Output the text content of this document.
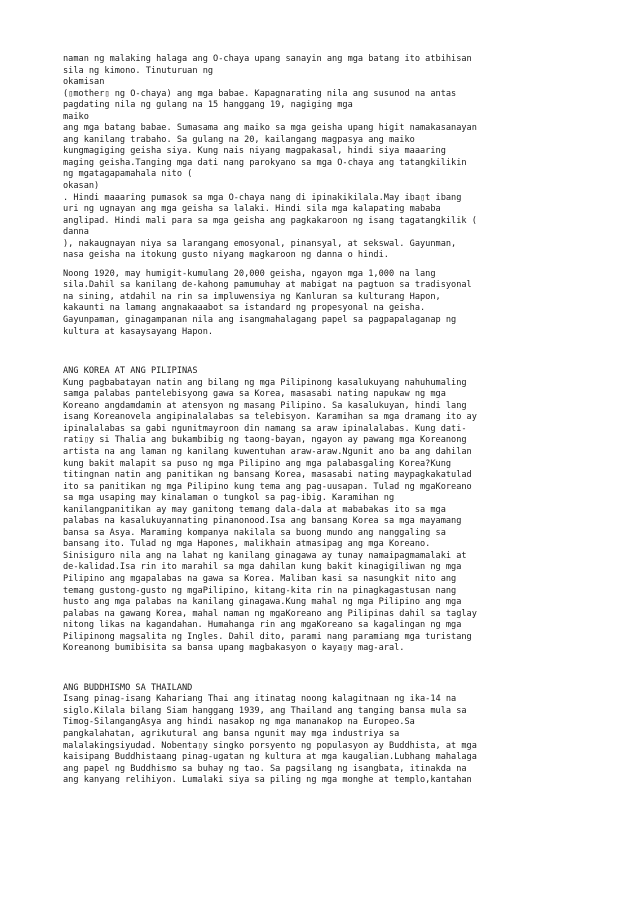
naman ng malaking halaga ang O-chaya upang sanayin ang mga batang ito atbihisan
sila ng kimono. Tinuturuan ng
okamisan
(▯mother▯ ng O-chaya) ang mga babae. Kapagnarating nila ang susunod na antas
pagdating nila ng gulang na 15 hanggang 19, nagiging mga
maiko
ang mga batang babae. Sumasama ang maiko sa mga geisha upang higit namakasanayan
ang kanilang trabaho. Sa gulang na 20, kailangang magpasya ang maiko
kungmagiging geisha siya. Kung nais niyang magpakasal, hindi siya maaaring
maging geisha.Tanging mga dati nang parokyano sa mga O-chaya ang tatangkilikin
ng mgatagapamahala nito (
okasan)
. Hindi maaaring pumasok sa mga O-chaya nang di ipinakikilala.May iba▯t ibang
uri ng ugnayan ang mga geisha sa lalaki. Hindi sila mga kalapating mababa
anglipad. Hindi mali para sa mga geisha ang pagkakaroon ng isang tagatangkilik (
danna
), nakaugnayan niya sa larangang emosyonal, pinansyal, at sekswal. Gayunman,
nasa geisha na itokung gusto niyang magkaroon ng danna o hindi.
Noong 1920, may humigit-kumulang 20,000 geisha, ngayon mga 1,000 na lang
sila.Dahil sa kanilang de-kahong pamumuhay at mabigat na pagtuon sa tradisyonal
na sining, atdahil na rin sa impluwensiya ng Kanluran sa kulturang Hapon,
kakaunti na lamang angnakaaabot sa istandard ng propesyonal na geisha.
Gayunpaman, ginagampanan nila ang isangmahalagang papel sa pagpapalaganap ng
kultura at kasaysayang Hapon.
ANG KOREA AT ANG PILIPINAS
Kung pagbabatayan natin ang bilang ng mga Pilipinong kasalukuyang nahuhumaling
samga palabas pantelebisyong gawa sa Korea, masasabi nating napukaw ng mga
Koreano angdamdamin at atensyon ng masang Pilipino. Sa kasalukuyan, hindi lang
isang Koreanovela angipinalalabas sa telebisyon. Karamihan sa mga dramang ito ay
ipinalalabas sa gabi ngunitmayroon din namang sa araw ipinalalabas. Kung dati-
rati▯y si Thalia ang bukambibig ng taong-bayan, ngayon ay pawang mga Koreanong
artista na ang laman ng kanilang kuwentuhan araw-araw.Ngunit ano ba ang dahilan
kung bakit malapit sa puso ng mga Pilipino ang mga palabasgaling Korea?Kung
titingnan natin ang panitikan ng bansang Korea, masasabi nating maypagkakatulad
ito sa panitikan ng mga Pilipino kung tema ang pag-uusapan. Tulad ng mgaKoreano
sa mga usaping may kinalaman o tungkol sa pag-ibig. Karamihan ng
kanilangpanitikan ay may ganitong temang dala-dala at mababakas ito sa mga
palabas na kasalukuyannating pinanonood.Isa ang bansang Korea sa mga mayamang
bansa sa Asya. Maraming kompanya nakilala sa buong mundo ang nanggaling sa
bansang ito. Tulad ng mga Hapones, malikhain atmasipag ang mga Koreano.
Sinisiguro nila ang na lahat ng kanilang ginagawa ay tunay namaipagmamalaki at
de-kalidad.Isa rin ito marahil sa mga dahilan kung bakit kinagigiliwan ng mga
Pilipino ang mgapalabas na gawa sa Korea. Maliban kasi sa nasungkit nito ang
temang gustong-gusto ng mgaPilipino, kitang-kita rin na pinagkagastusan nang
husto ang mga palabas na kanilang ginagawa.Kung mahal ng mga Pilipino ang mga
palabas na gawang Korea, mahal naman ng mgaKoreano ang Pilipinas dahil sa taglay
nitong likas na kagandahan. Humahanga rin ang mgaKoreano sa kagalingan ng mga
Pilipinong magsalita ng Ingles. Dahil dito, parami nang paramiang mga turistang
Koreanong bumibisita sa bansa upang magbakasyon o kaya▯y mag-aral.
ANG BUDDHISMO SA THAILAND
Isang pinag-isang Kahariang Thai ang itinatag noong kalagitnaan ng ika-14 na
siglo.Kilala bilang Siam hanggang 1939, ang Thailand ang tanging bansa mula sa
Timog-SilangangAsya ang hindi nasakop ng mga mananakop na Europeo.Sa
pangkalahatan, agrikutural ang bansa ngunit may mga industriya sa
malalakingsiyudad. Nobenta▯y singko porsyento ng populasyon ay Buddhista, at mga
kaisipang Buddhistaang pinag-ugatan ng kultura at mga kaugalian.Lubhang mahalaga
ang papel ng Buddhismo sa buhay ng tao. Sa pagsilang ng isangbata, itinakda na
ang kanyang relihiyon. Lumalaki siya sa piling ng mga monghe at templo,kantahan
